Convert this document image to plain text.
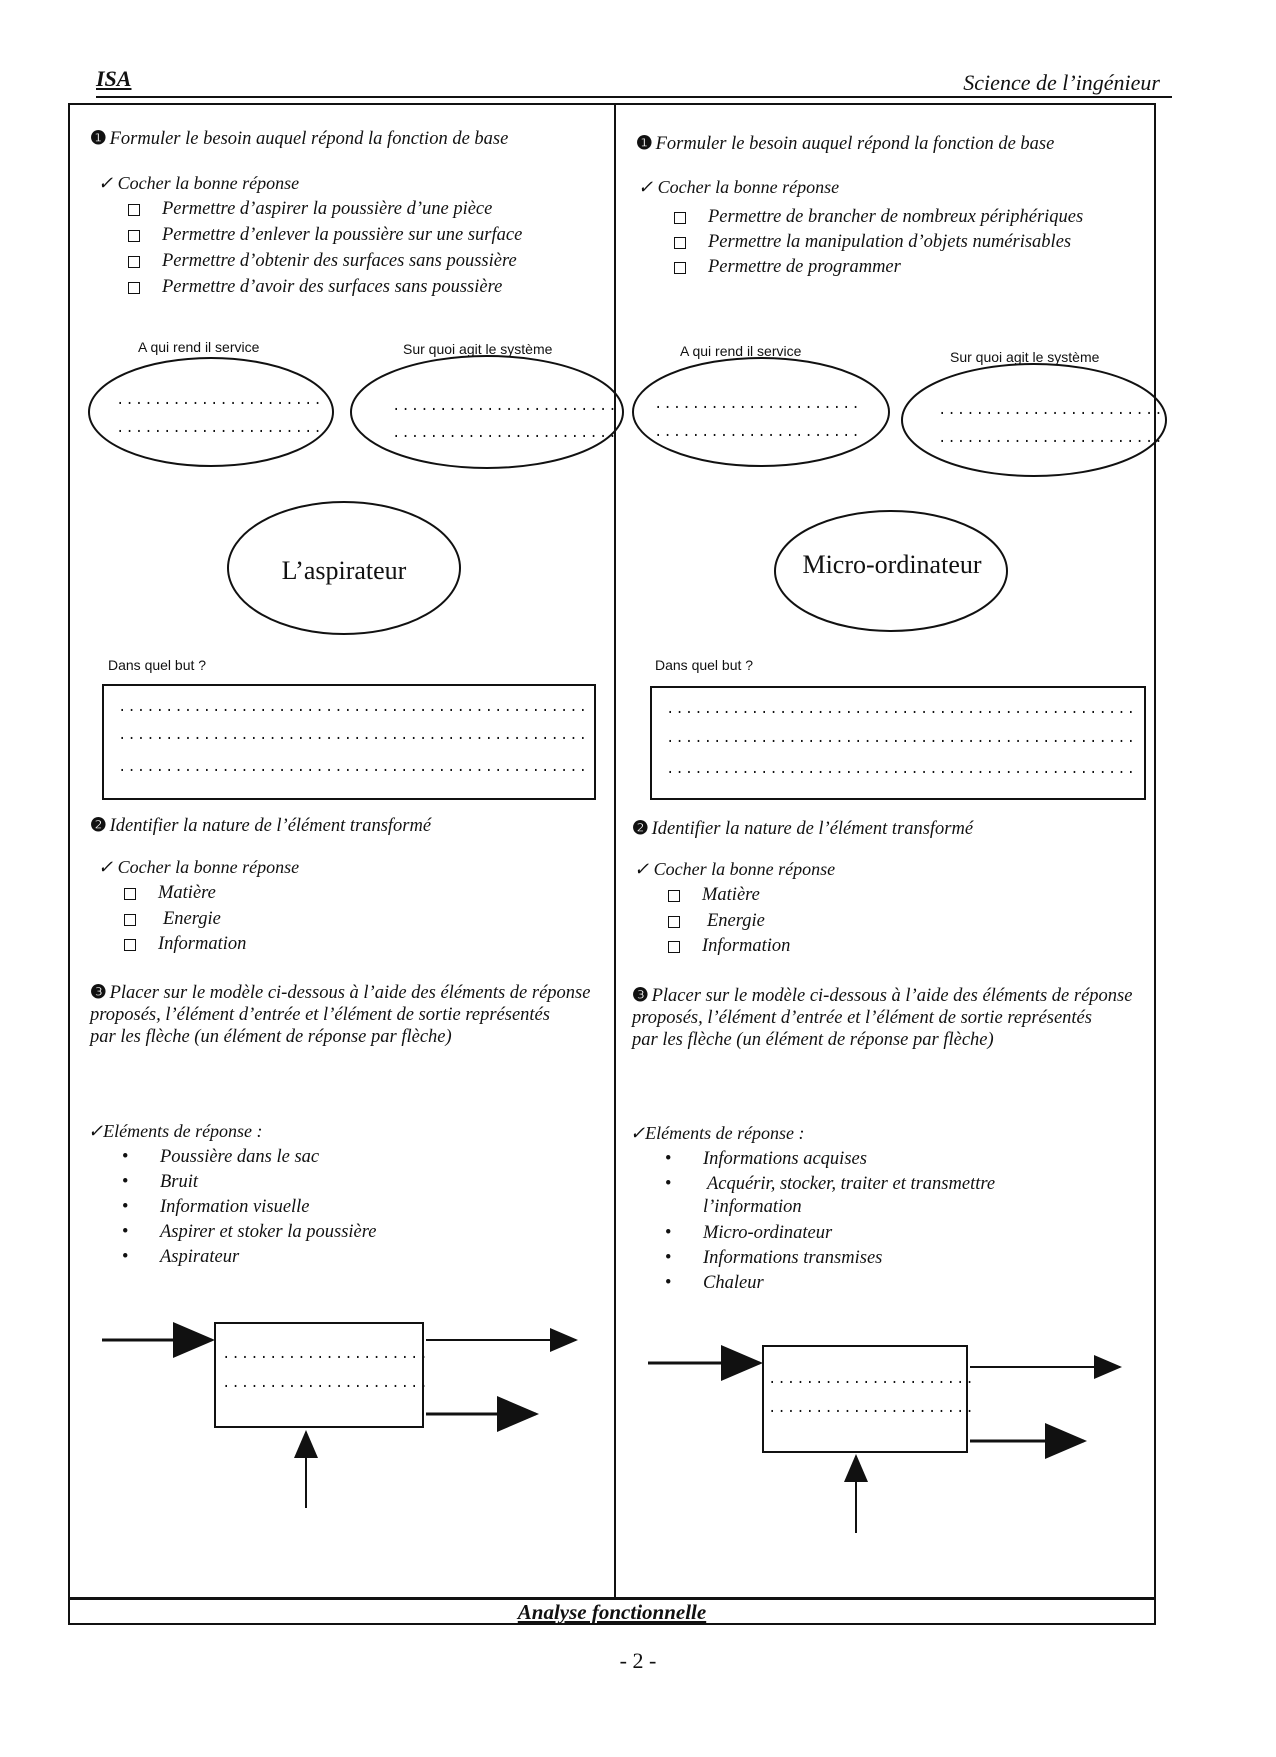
ISA	Science de l’ingénieur
❶ Formuler le besoin auquel répond la fonction de base
✓ Cocher la bonne réponse
Permettre d’aspirer la poussière d’une pièce
Permettre d’enlever la poussière sur une surface
Permettre d’obtenir des surfaces sans poussière
Permettre d’avoir des surfaces sans poussière
A qui rend il service	Sur quoi agit le système
......................
......................
........................
........................
L’aspirateur
Dans quel but ?
..................................................
..................................................
..................................................
❷ Identifier la nature de l’élément transformé
✓ Cocher la bonne réponse
Matière
Energie
Information
❸ Placer sur le modèle ci-dessous à l’aide des éléments de réponse
proposés, l’élément d’entrée et l’élément de sortie représentés
par les flèche (un élément de réponse par flèche)
✓Eléments de réponse :
• Poussière dans le sac
• Bruit
• Information visuelle
• Aspirer et stoker la poussière
• Aspirateur
......................
......................
❶ Formuler le besoin auquel répond la fonction de base
✓ Cocher la bonne réponse
Permettre de brancher de nombreux périphériques
Permettre la manipulation d’objets numérisables
Permettre de programmer
A qui rend il service	Sur quoi agit le système
......................
......................
........................
........................
Micro-ordinateur
Dans quel but ?
..................................................
..................................................
..................................................
❷ Identifier la nature de l’élément transformé
✓ Cocher la bonne réponse
Matière
Energie
Information
❸ Placer sur le modèle ci-dessous à l’aide des éléments de réponse
proposés, l’élément d’entrée et l’élément de sortie représentés
par les flèche (un élément de réponse par flèche)
✓Eléments de réponse :
• Informations acquises
• Acquérir, stocker, traiter et transmettre
l’information
• Micro-ordinateur
• Informations transmises
• Chaleur
......................
......................
Analyse fonctionnelle
- 2 -
